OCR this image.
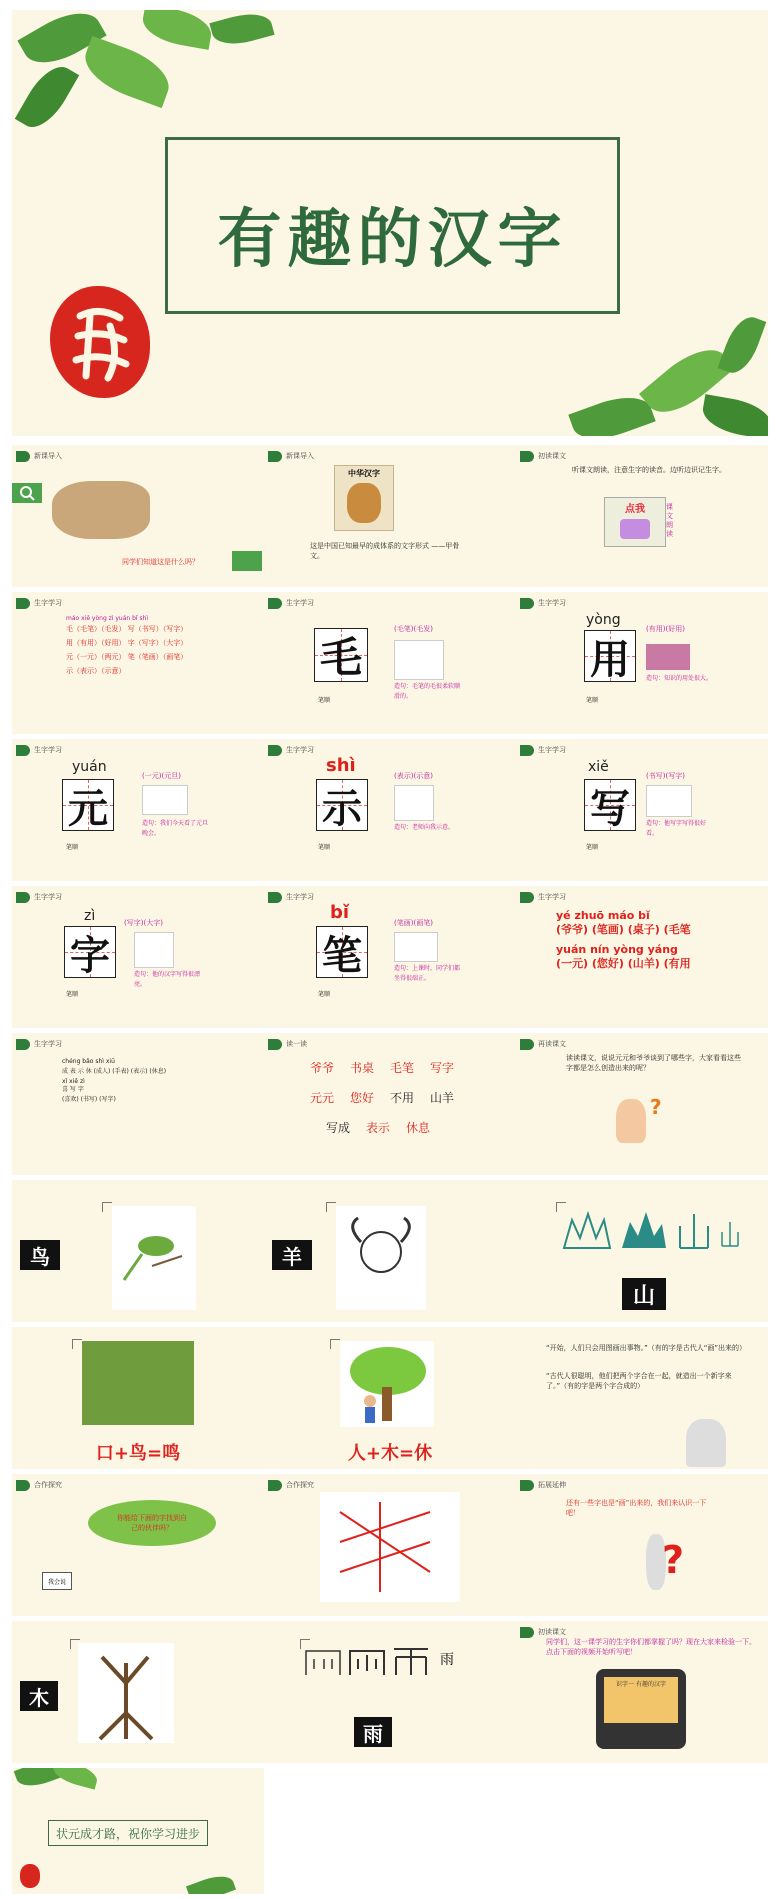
有趣的汉字
新课导入
同学们知道这是什么吗？
新课导入
中华汉字
这是中国已知最早的成体系的文字形式 ——甲骨文。
初读课文
听课文朗读，注意生字的读音。边听边识记生字。
点我	课文朗读
生字学习
máo xiě yòng zì yuán bǐ shì
毛（毛笔）（毛发） 写（书写）（写字）
用（有用）（好用） 字（写字）（大字）
元（一元）（两元） 笔（笔画）（画笔）
示（表示）（示意）
生字学习
毛
(毛笔)(毛发)
造句：毛笔的毛很柔软顺滑的。
笔顺
生字学习
yòng
用
(有用)(好用)
造句：知识的用处很大。
笔顺
生字学习
yuán
元
(一元)(元旦)
造句：我们今天看了元旦晚会。
笔顺
生字学习
shì
示
(表示)(示意)
造句：老师向我示意。
笔顺
生字学习
xiě
写
(书写)(写字)
造句：他写字写得很好看。
笔顺
生字学习
zì
字
(写字)(大字)
造句：他的汉字写得很漂亮。
笔顺
生字学习
bǐ
笔
(笔画)(画笔)
造句：上课时，同学们都坐得很端正。
笔顺
生字学习
yé zhuō máo bǐ
(爷爷) (笔画) (桌子) (毛笔
yuán nín yòng yáng
(一元) (您好) (山羊) (有用
生字学习
chéng bǎo shì xiū
成 表 示 休 (成人) (手表) (表示) (休息)
xǐ xiě zì
喜 写 字
(喜欢) (书写) (写字)
读一读
爷爷 书桌 毛笔 写字
元元 您好 不用 山羊
写成 表示 休息
再读课文
读读课文，说说元元和爷爷谈到了哪些字，大家看看这些字都是怎么创造出来的呢？
?
鸟	羊
山
口+鸟=鸣	人+木=休
“开始，人们只会用图画出事物。”（有的字是古代人“画”出来的）
“古代人很聪明，他们把两个字合在一起，就造出一个新字来了。”（有的字是两个字合成的）
合作探究
你能给下面的字找到自己的伙伴吗？
我会说
合作探究	拓展延伸
还有一些字也是“画”出来的，我们来认识一下吧！
?
木
雨
雨
初读课文
同学们，这一课学习的生字你们都掌握了吗？现在大家来检验一下。点击下面的视频开始听写吧！
识字一 有趣的汉字
状元成才路，祝你学习进步
